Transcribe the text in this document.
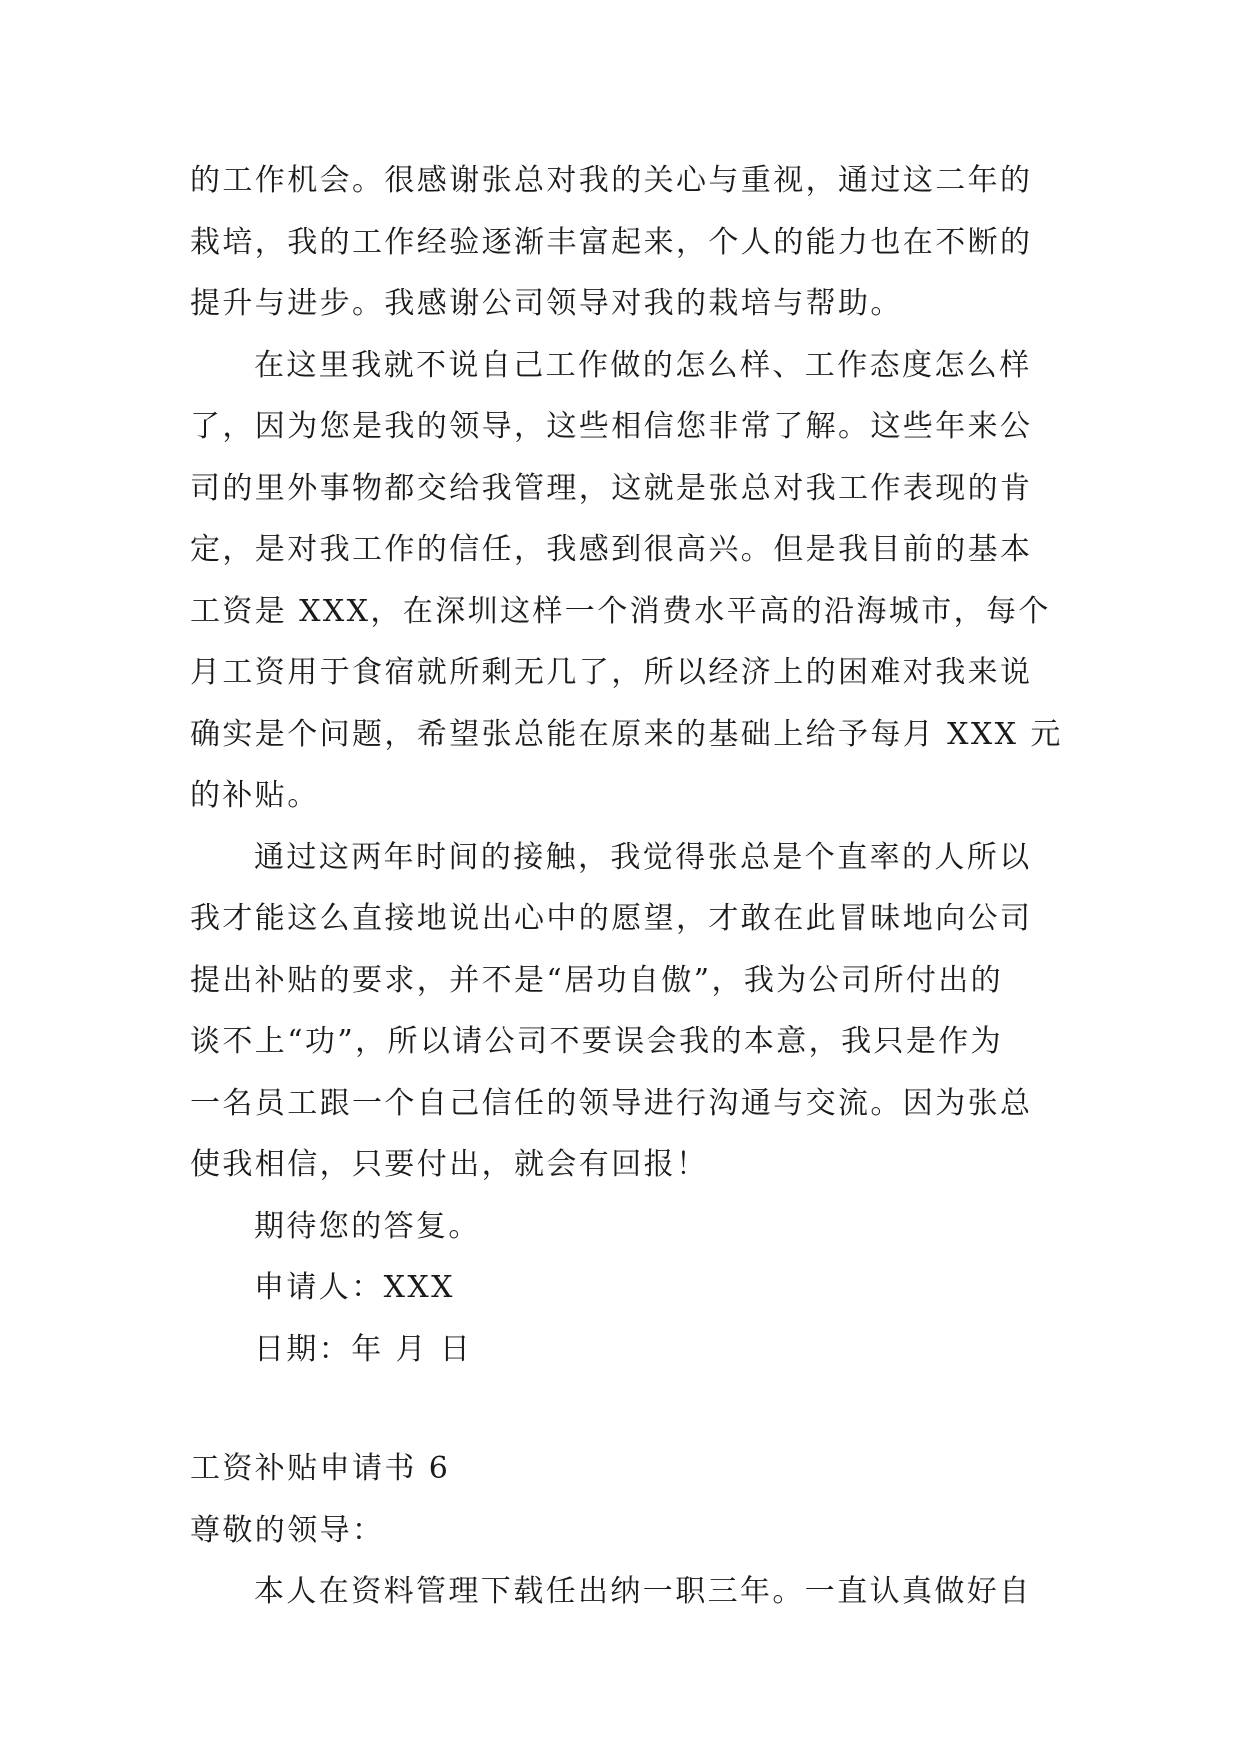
的工作机会。很感谢张总对我的关心与重视，通过这二年的
栽培，我的工作经验逐渐丰富起来，个人的能力也在不断的
提升与进步。我感谢公司领导对我的栽培与帮助。
在这里我就不说自己工作做的怎么样、工作态度怎么样
了，因为您是我的领导，这些相信您非常了解。这些年来公
司的里外事物都交给我管理，这就是张总对我工作表现的肯
定，是对我工作的信任，我感到很高兴。但是我目前的基本
工资是 XXX，在深圳这样一个消费水平高的沿海城市，每个
月工资用于食宿就所剩无几了，所以经济上的困难对我来说
确实是个问题，希望张总能在原来的基础上给予每月 XXX 元
的补贴。
通过这两年时间的接触，我觉得张总是个直率的人所以
我才能这么直接地说出心中的愿望，才敢在此冒昧地向公司
提出补贴的要求，并不是“居功自傲”，我为公司所付出的
谈不上“功”，所以请公司不要误会我的本意，我只是作为
一名员工跟一个自己信任的领导进行沟通与交流。因为张总
使我相信，只要付出，就会有回报！
期待您的答复。
申请人：XXX
日期：年 月 日
工资补贴申请书 6
尊敬的领导：
本人在资料管理下载任出纳一职三年。一直认真做好自
